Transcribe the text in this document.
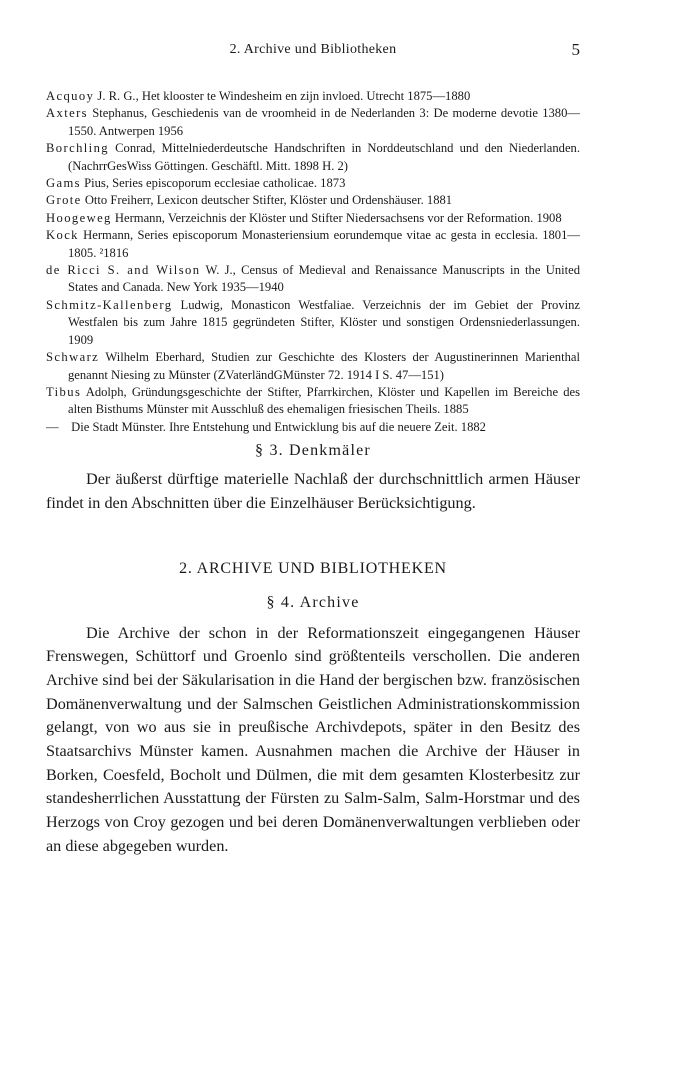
2. Archive und Bibliotheken	5
Acquoy J. R. G., Het klooster te Windesheim en zijn invloed. Utrecht 1875—1880
Axters Stephanus, Geschiedenis van de vroomheid in de Nederlanden 3: De moderne devotie 1380—1550. Antwerpen 1956
Borchling Conrad, Mittelniederdeutsche Handschriften in Norddeutschland und den Niederlanden. (NachrrGesWiss Göttingen. Geschäftl. Mitt. 1898 H. 2)
Gams Pius, Series episcoporum ecclesiae catholicae. 1873
Grote Otto Freiherr, Lexicon deutscher Stifter, Klöster und Ordenshäuser. 1881
Hoogeweg Hermann, Verzeichnis der Klöster und Stifter Niedersachsens vor der Reformation. 1908
Kock Hermann, Series episcoporum Monasteriensium eorundemque vitae ac gesta in ecclesia. 1801—1805. ²1816
de Ricci S. and Wilson W. J., Census of Medieval and Renaissance Manuscripts in the United States and Canada. New York 1935—1940
Schmitz-Kallenberg Ludwig, Monasticon Westfaliae. Verzeichnis der im Gebiet der Provinz Westfalen bis zum Jahre 1815 gegründeten Stifter, Klöster und sonstigen Ordensniederlassungen. 1909
Schwarz Wilhelm Eberhard, Studien zur Geschichte des Klosters der Augustinerinnen Marienthal genannt Niesing zu Münster (ZVaterländGMünster 72. 1914 I S. 47—151)
Tibus Adolph, Gründungsgeschichte der Stifter, Pfarrkirchen, Klöster und Kapellen im Bereiche des alten Bisthums Münster mit Ausschluß des ehemaligen friesischen Theils. 1885
— Die Stadt Münster. Ihre Entstehung und Entwicklung bis auf die neuere Zeit. 1882
§ 3. Denkmäler

Der äußerst dürftige materielle Nachlaß der durchschnittlich armen Häuser findet in den Abschnitten über die Einzelhäuser Berücksichtigung.

2. ARCHIVE UND BIBLIOTHEKEN
§ 4. Archive

Die Archive der schon in der Reformationszeit eingegangenen Häuser Frenswegen, Schüttorf und Groenlo sind größtenteils verschollen. Die anderen Archive sind bei der Säkularisation in die Hand der bergischen bzw. französischen Domänenverwaltung und der Salmschen Geistlichen Administrationskommission gelangt, von wo aus sie in preußische Archivdepots, später in den Besitz des Staatsarchivs Münster kamen. Ausnahmen machen die Archive der Häuser in Borken, Coesfeld, Bocholt und Dülmen, die mit dem gesamten Klosterbesitz zur standesherrlichen Ausstattung der Fürsten zu Salm-Salm, Salm-Horstmar und des Herzogs von Croy gezogen und bei deren Domänenverwaltungen verblieben oder an diese abgegeben wurden.
